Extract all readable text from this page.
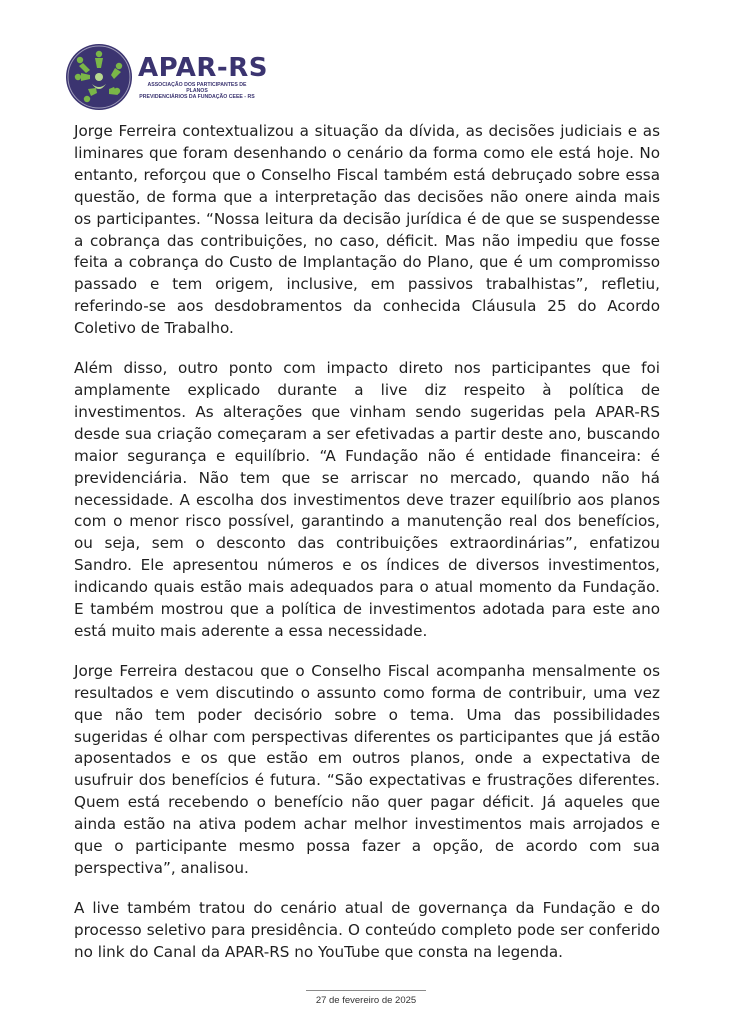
APAR-RS
ASSOCIAÇÃO DOS PARTICIPANTES DE PLANOS
PREVIDENCIÁRIOS DA FUNDAÇÃO CEEE - RS

Jorge Ferreira contextualizou a situação da dívida, as decisões judiciais e as liminares que foram desenhando o cenário da forma como ele está hoje. No entanto, reforçou que o Conselho Fiscal também está debruçado sobre essa questão, de forma que a interpretação das decisões não onere ainda mais os participantes. “Nossa leitura da decisão jurídica é de que se suspendesse a cobrança das contribuições, no caso, déficit. Mas não impediu que fosse feita a cobrança do Custo de Implantação do Plano, que é um compromisso passado e tem origem, inclusive, em passivos trabalhistas”, refletiu, referindo-se aos desdobramentos da conhecida Cláusula 25 do Acordo Coletivo de Trabalho.

Além disso, outro ponto com impacto direto nos participantes que foi amplamente explicado durante a live diz respeito à política de investimentos. As alterações que vinham sendo sugeridas pela APAR-RS desde sua criação começaram a ser efetivadas a partir deste ano, buscando maior segurança e equilíbrio. “A Fundação não é entidade financeira: é previdenciária. Não tem que se arriscar no mercado, quando não há necessidade. A escolha dos investimentos deve trazer equilíbrio aos planos com o menor risco possível, garantindo a manutenção real dos benefícios, ou seja, sem o desconto das contribuições extraordinárias”, enfatizou Sandro. Ele apresentou números e os índices de diversos investimentos, indicando quais estão mais adequados para o atual momento da Fundação. E também mostrou que a política de investimentos adotada para este ano está muito mais aderente a essa necessidade.

Jorge Ferreira destacou que o Conselho Fiscal acompanha mensalmente os resultados e vem discutindo o assunto como forma de contribuir, uma vez que não tem poder decisório sobre o tema. Uma das possibilidades sugeridas é olhar com perspectivas diferentes os participantes que já estão aposentados e os que estão em outros planos, onde a expectativa de usufruir dos benefícios é futura. “São expectativas e frustrações diferentes. Quem está recebendo o benefício não quer pagar déficit. Já aqueles que ainda estão na ativa podem achar melhor investimentos mais arrojados e que o participante mesmo possa fazer a opção, de acordo com sua perspectiva”, analisou.

A live também tratou do cenário atual de governança da Fundação e do processo seletivo para presidência. O conteúdo completo pode ser conferido no link do Canal da APAR-RS no YouTube que consta na legenda.

27 de fevereiro de 2025
